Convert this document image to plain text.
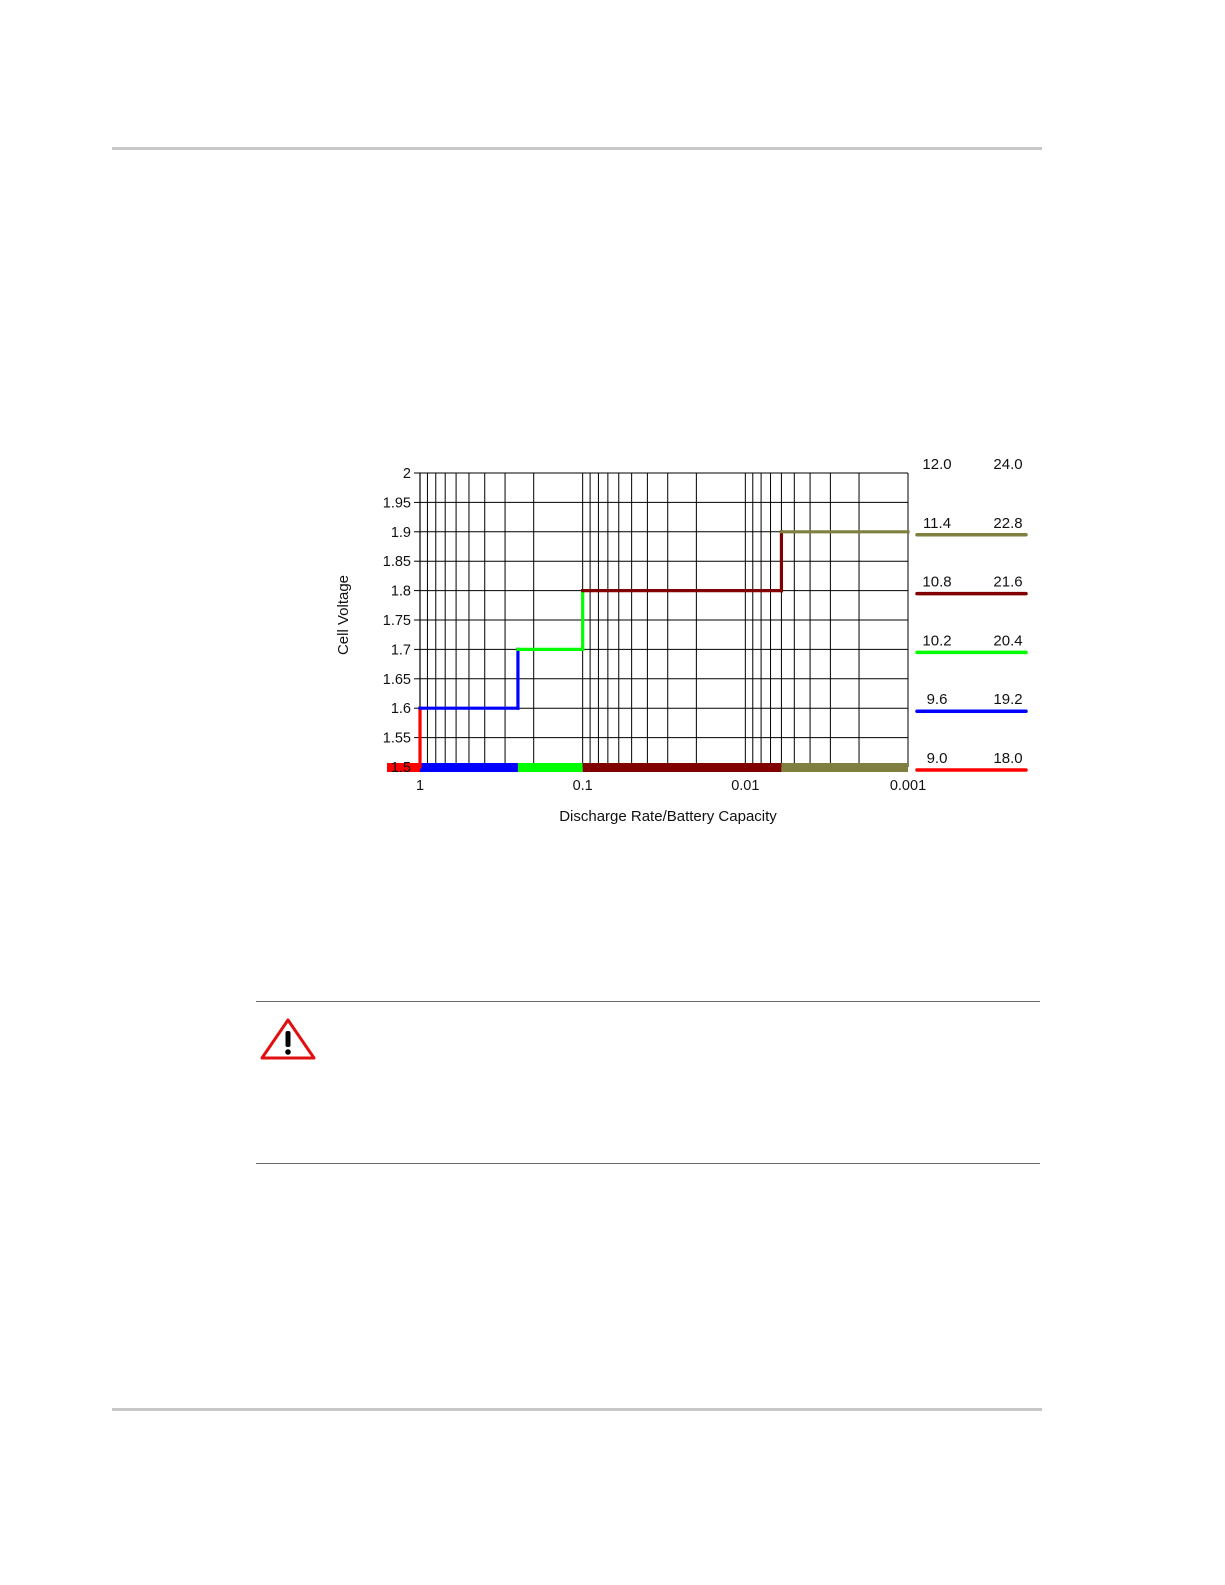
2
1.95
1.9
1.85
1.8
1.75
1.7
1.65
1.6
1.55
1.5
1	0.1	0.01	0.001
12.0	24.0
11.4	22.8
10.8	21.6
10.2	20.4
9.6	19.2
9.0	18.0
Discharge Rate/Battery Capacity
Cell Voltage
